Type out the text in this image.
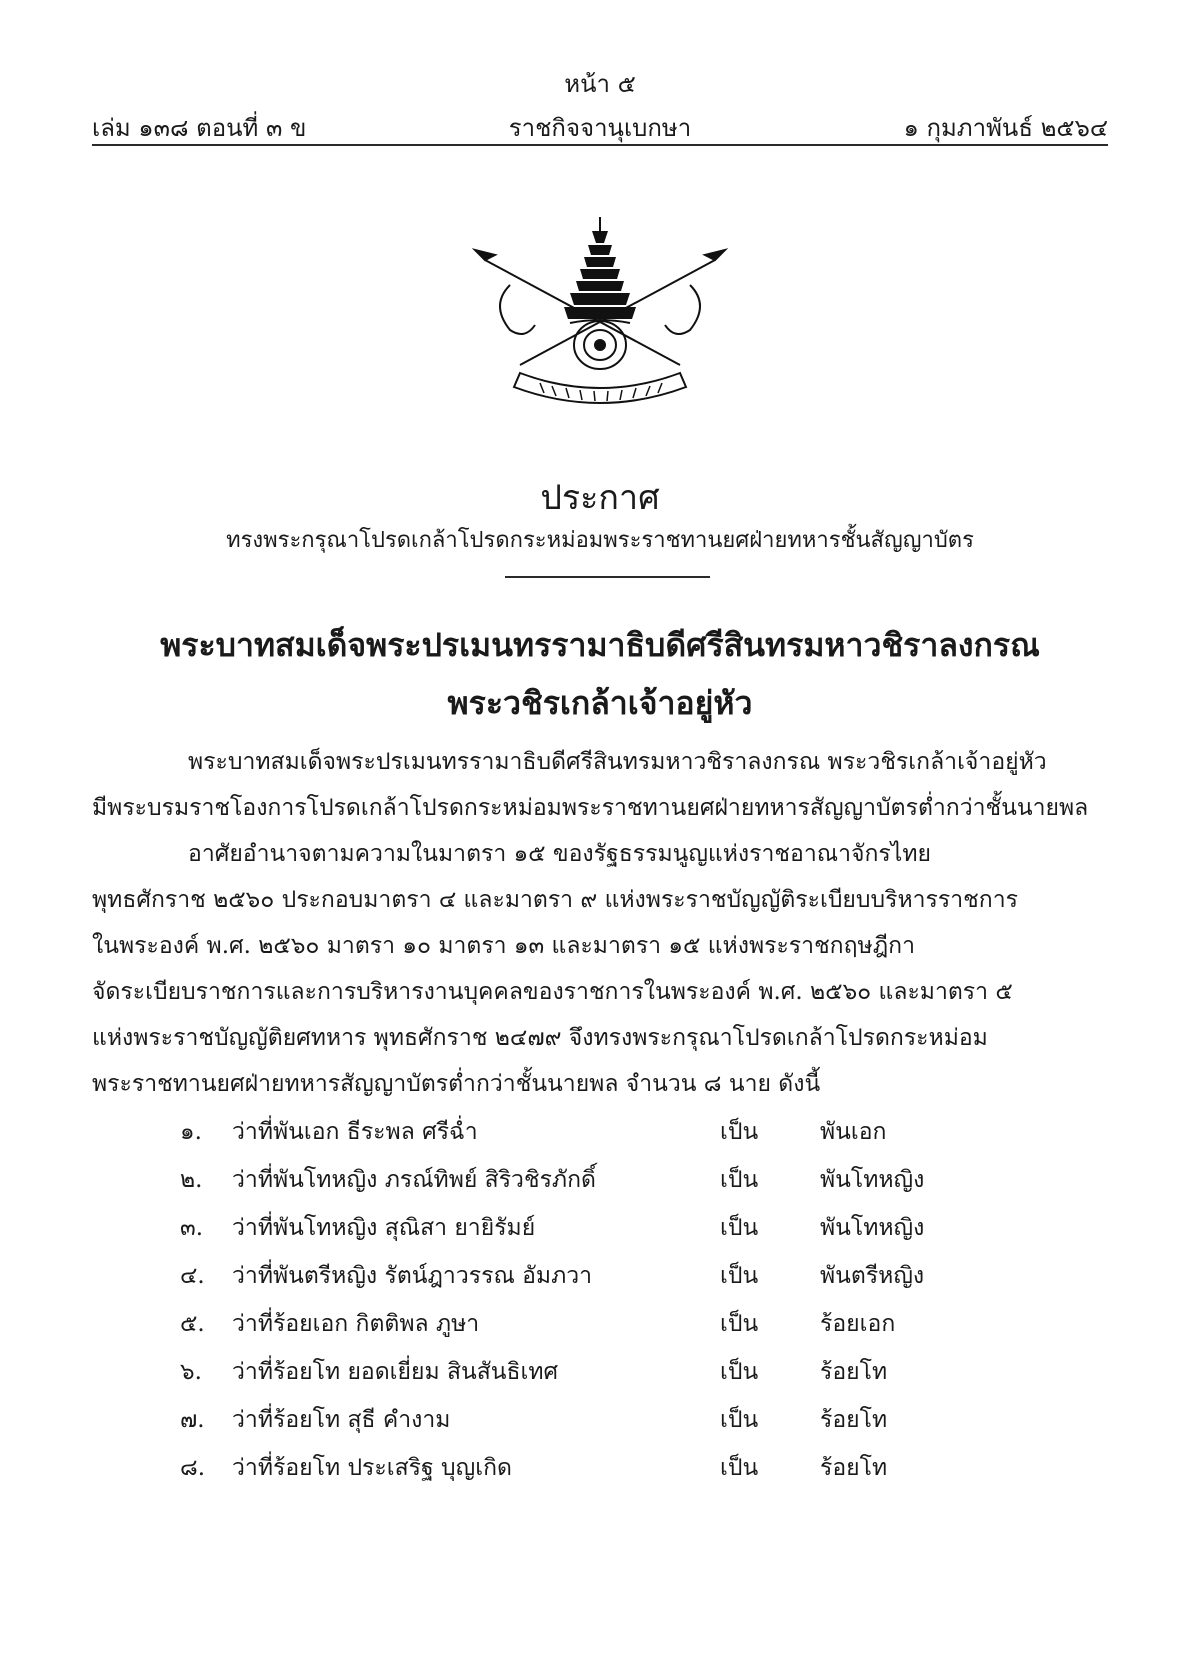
หน้า ๕
ราชกิจจานุเบกษา
เล่ม ๑๓๘ ตอนที่ ๓ ข	๑ กุมภาพันธ์ ๒๕๖๔
ประกาศ
ทรงพระกรุณาโปรดเกล้าโปรดกระหม่อมพระราชทานยศฝ่ายทหารชั้นสัญญาบัตร
พระบาทสมเด็จพระปรเมนทรรามาธิบดีศรีสินทรมหาวชิราลงกรณ
พระวชิรเกล้าเจ้าอยู่หัว
พระบาทสมเด็จพระปรเมนทรรามาธิบดีศรีสินทรมหาวชิราลงกรณ พระวชิรเกล้าเจ้าอยู่หัว
มีพระบรมราชโองการโปรดเกล้าโปรดกระหม่อมพระราชทานยศฝ่ายทหารสัญญาบัตรต่ำกว่าชั้นนายพล
อาศัยอำนาจตามความในมาตรา ๑๕ ของรัฐธรรมนูญแห่งราชอาณาจักรไทย
พุทธศักราช ๒๕๖๐ ประกอบมาตรา ๔ และมาตรา ๙ แห่งพระราชบัญญัติระเบียบบริหารราชการ
ในพระองค์ พ.ศ. ๒๕๖๐ มาตรา ๑๐ มาตรา ๑๓ และมาตรา ๑๕ แห่งพระราชกฤษฎีกา
จัดระเบียบราชการและการบริหารงานบุคคลของราชการในพระองค์ พ.ศ. ๒๕๖๐ และมาตรา ๕
แห่งพระราชบัญญัติยศทหาร พุทธศักราช ๒๔๗๙ จึงทรงพระกรุณาโปรดเกล้าโปรดกระหม่อม
พระราชทานยศฝ่ายทหารสัญญาบัตรต่ำกว่าชั้นนายพล จำนวน ๘ นาย ดังนี้
๑. ว่าที่พันเอก ธีระพล ศรีฉ่ำ	เป็น	พันเอก
๒. ว่าที่พันโทหญิง ภรณ์ทิพย์ สิริวชิรภักดิ์	เป็น	พันโทหญิง
๓. ว่าที่พันโทหญิง สุณิสา ยายิรัมย์	เป็น	พันโทหญิง
๔. ว่าที่พันตรีหญิง รัตน์ฎาวรรณ อัมภวา	เป็น	พันตรีหญิง
๕. ว่าที่ร้อยเอก กิตติพล ภูษา	เป็น	ร้อยเอก
๖. ว่าที่ร้อยโท ยอดเยี่ยม สินสันธิเทศ	เป็น	ร้อยโท
๗. ว่าที่ร้อยโท สุธี คำงาม	เป็น	ร้อยโท
๘. ว่าที่ร้อยโท ประเสริฐ บุญเกิด	เป็น	ร้อยโท
